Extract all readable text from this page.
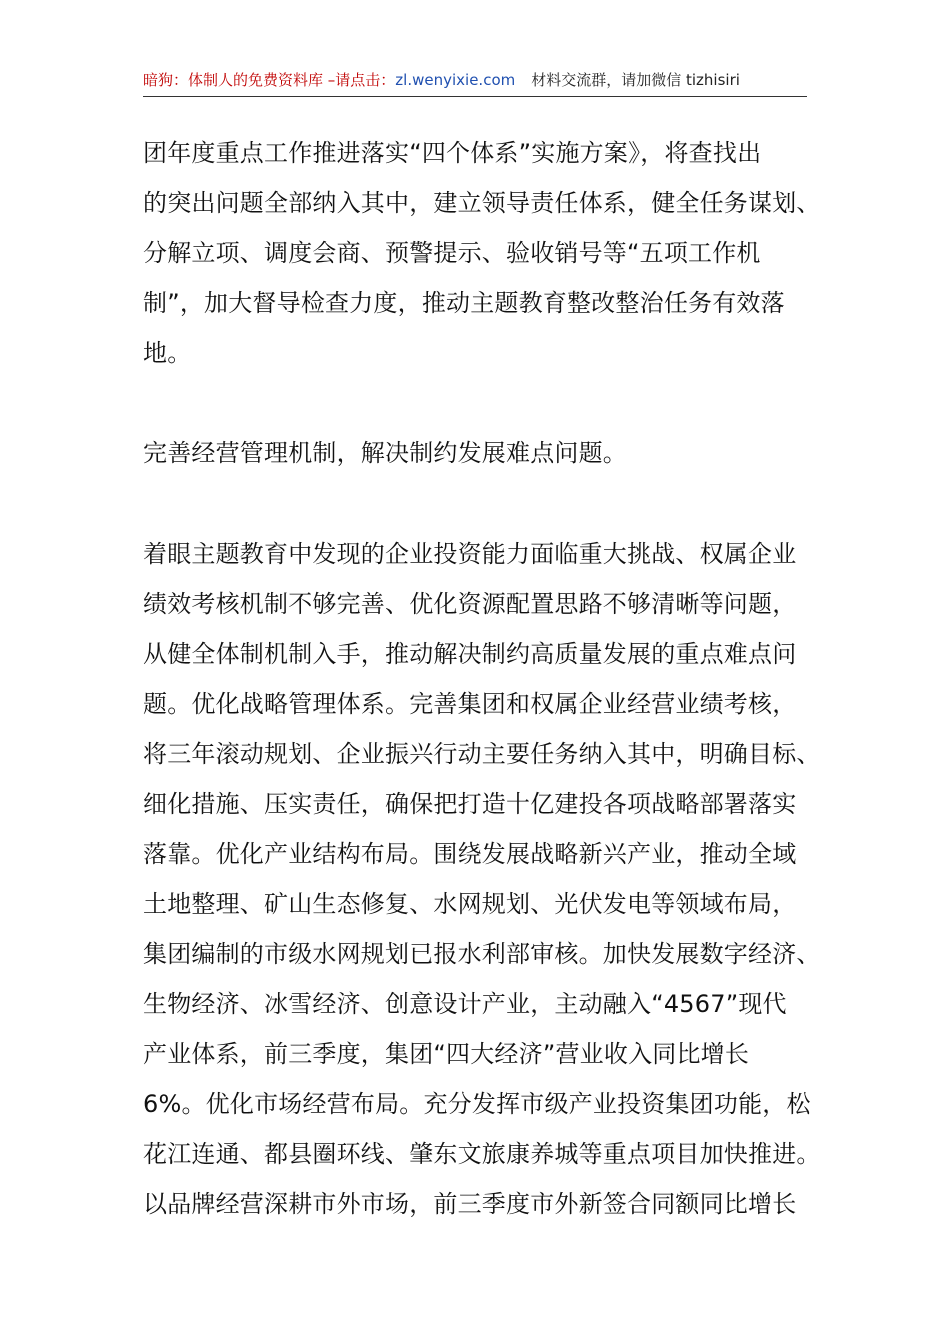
暗狗：体制人的免费资料库 –请点击：zl.wenyixie.com 材料交流群，请加微信 tizhisiri
团年度重点工作推进落实“四个体系”实施方案》，将查找出
的突出问题全部纳入其中，建立领导责任体系，健全任务谋划、
分解立项、调度会商、预警提示、验收销号等“五项工作机
制”，加大督导检查力度，推动主题教育整改整治任务有效落
地。
完善经营管理机制，解决制约发展难点问题。
着眼主题教育中发现的企业投资能力面临重大挑战、权属企业
绩效考核机制不够完善、优化资源配置思路不够清晰等问题，
从健全体制机制入手，推动解决制约高质量发展的重点难点问
题。优化战略管理体系。完善集团和权属企业经营业绩考核，
将三年滚动规划、企业振兴行动主要任务纳入其中，明确目标、
细化措施、压实责任，确保把打造十亿建投各项战略部署落实
落靠。优化产业结构布局。围绕发展战略新兴产业，推动全域
土地整理、矿山生态修复、水网规划、光伏发电等领域布局，
集团编制的市级水网规划已报水利部审核。加快发展数字经济、
生物经济、冰雪经济、创意设计产业，主动融入“4567”现代
产业体系，前三季度，集团“四大经济”营业收入同比增长
6%。优化市场经营布局。充分发挥市级产业投资集团功能，松
花江连通、都县圈环线、肇东文旅康养城等重点项目加快推进。
以品牌经营深耕市外市场，前三季度市外新签合同额同比增长
